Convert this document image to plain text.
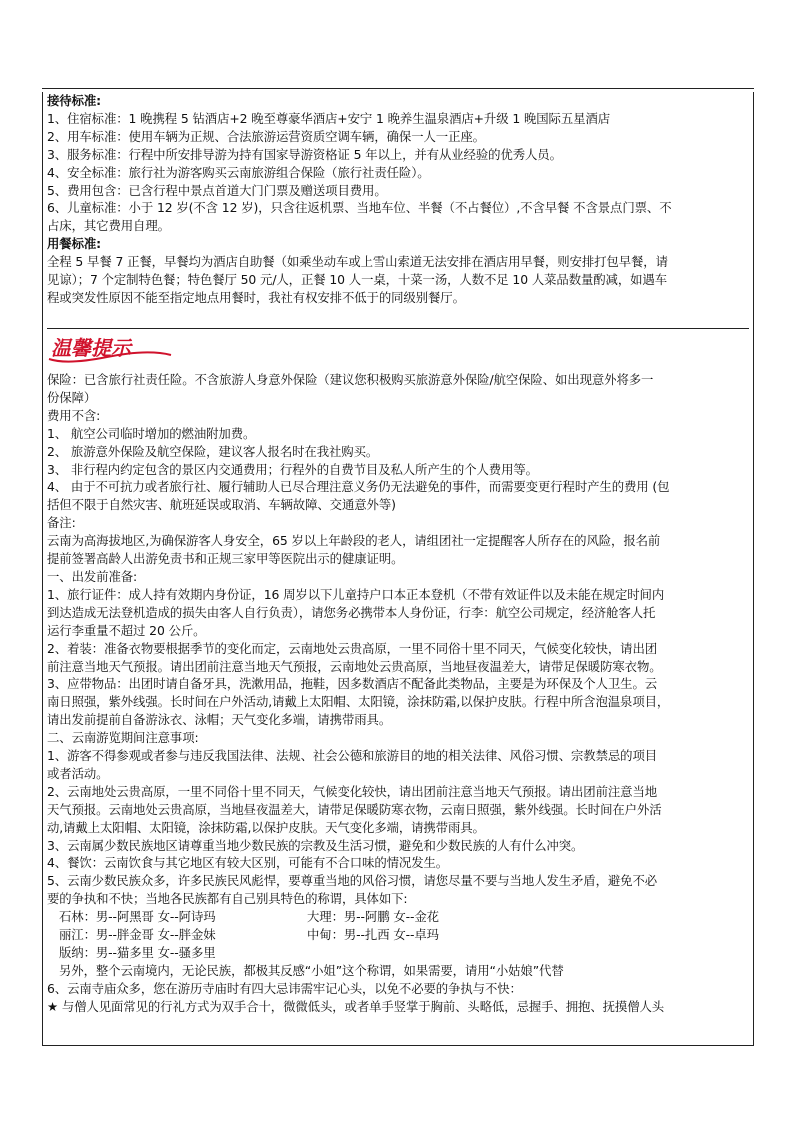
接待标准:
1、住宿标准：1 晚携程 5 钻酒店+2 晚至尊豪华酒店+安宁 1 晚养生温泉酒店+升级 1 晚国际五星酒店
2、用车标准：使用车辆为正规、合法旅游运营资质空调车辆，确保一人一正座。
3、服务标准：行程中所安排导游为持有国家导游资格证 5 年以上，并有从业经验的优秀人员。
4、安全标准：旅行社为游客购买云南旅游组合保险（旅行社责任险）。
5、费用包含：已含行程中景点首道大门门票及赠送项目费用。
6、儿童标准：小于 12 岁(不含 12 岁)，只含往返机票、当地车位、半餐（不占餐位）,不含早餐 不含景点门票、不
占床，其它费用自理。
用餐标准:
全程 5 早餐 7 正餐，早餐均为酒店自助餐（如乘坐动车或上雪山索道无法安排在酒店用早餐，则安排打包早餐，请
见谅）；7 个定制特色餐；特色餐厅 50 元/人，正餐 10 人一桌，十菜一汤，人数不足 10 人菜品数量酌减，如遇车
程或突发性原因不能至指定地点用餐时，我社有权安排不低于的同级别餐厅。
温馨提示
保险：已含旅行社责任险。不含旅游人身意外保险（建议您积极购买旅游意外保险/航空保险、如出现意外将多一
份保障）
费用不含:
1、 航空公司临时增加的燃油附加费。
2、 旅游意外保险及航空保险，建议客人报名时在我社购买。
3、 非行程内约定包含的景区内交通费用；行程外的自费节目及私人所产生的个人费用等。
4、 由于不可抗力或者旅行社、履行辅助人已尽合理注意义务仍无法避免的事件，而需要变更行程时产生的费用 (包
括但不限于自然灾害、航班延误或取消、车辆故障、交通意外等)
备注:
云南为高海拔地区,为确保游客人身安全，65 岁以上年龄段的老人，请组团社一定提醒客人所存在的风险，报名前
提前签署高龄人出游免责书和正规三家甲等医院出示的健康证明。
一、出发前准备:
1、旅行证件：成人持有效期内身份证，16 周岁以下儿童持户口本正本登机（不带有效证件以及未能在规定时间内
到达造成无法登机造成的损失由客人自行负责），请您务必携带本人身份证，行李：航空公司规定，经济舱客人托
运行李重量不超过 20 公斤。
2、着装：准备衣物要根据季节的变化而定，云南地处云贵高原，一里不同俗十里不同天，气候变化较快，请出团
前注意当地天气预报。请出团前注意当地天气预报，云南地处云贵高原，当地昼夜温差大，请带足保暖防寒衣物。
3、应带物品：出团时请自备牙具，洗漱用品，拖鞋，因多数酒店不配备此类物品，主要是为环保及个人卫生。云
南日照强，紫外线强。长时间在户外活动,请戴上太阳帽、太阳镜，涂抹防霜,以保护皮肤。行程中所含泡温泉项目，
请出发前提前自备游泳衣、泳帽；天气变化多端，请携带雨具。
二、云南游览期间注意事项:
1、游客不得参观或者参与违反我国法律、法规、社会公德和旅游目的地的相关法律、风俗习惯、宗教禁忌的项目
或者活动。
2、云南地处云贵高原，一里不同俗十里不同天，气候变化较快，请出团前注意当地天气预报。请出团前注意当地
天气预报。云南地处云贵高原，当地昼夜温差大，请带足保暖防寒衣物，云南日照强，紫外线强。长时间在户外活
动,请戴上太阳帽、太阳镜，涂抹防霜,以保护皮肤。天气变化多端，请携带雨具。
3、云南属少数民族地区请尊重当地少数民族的宗教及生活习惯，避免和少数民族的人有什么冲突。
4、餐饮：云南饮食与其它地区有较大区别，可能有不合口味的情况发生。
5、云南少数民族众多，许多民族民风彪悍，要尊重当地的风俗习惯，请您尽量不要与当地人发生矛盾，避免不必
要的争执和不快；当地各民族都有自己别具特色的称谓，具体如下:
石林：男--阿黑哥 女--阿诗玛	大理：男--阿鹏 女--金花
丽江：男--胖金哥 女--胖金妹	中甸：男--扎西 女--卓玛
版纳：男--猫多里 女--骚多里
另外，整个云南境内，无论民族，都极其反感“小姐”这个称谓，如果需要，请用“小姑娘”代替
6、云南寺庙众多，您在游历寺庙时有四大忌讳需牢记心头，以免不必要的争执与不快：
★ 与僧人见面常见的行礼方式为双手合十，微微低头，或者单手竖掌于胸前、头略低，忌握手、拥抱、抚摸僧人头
